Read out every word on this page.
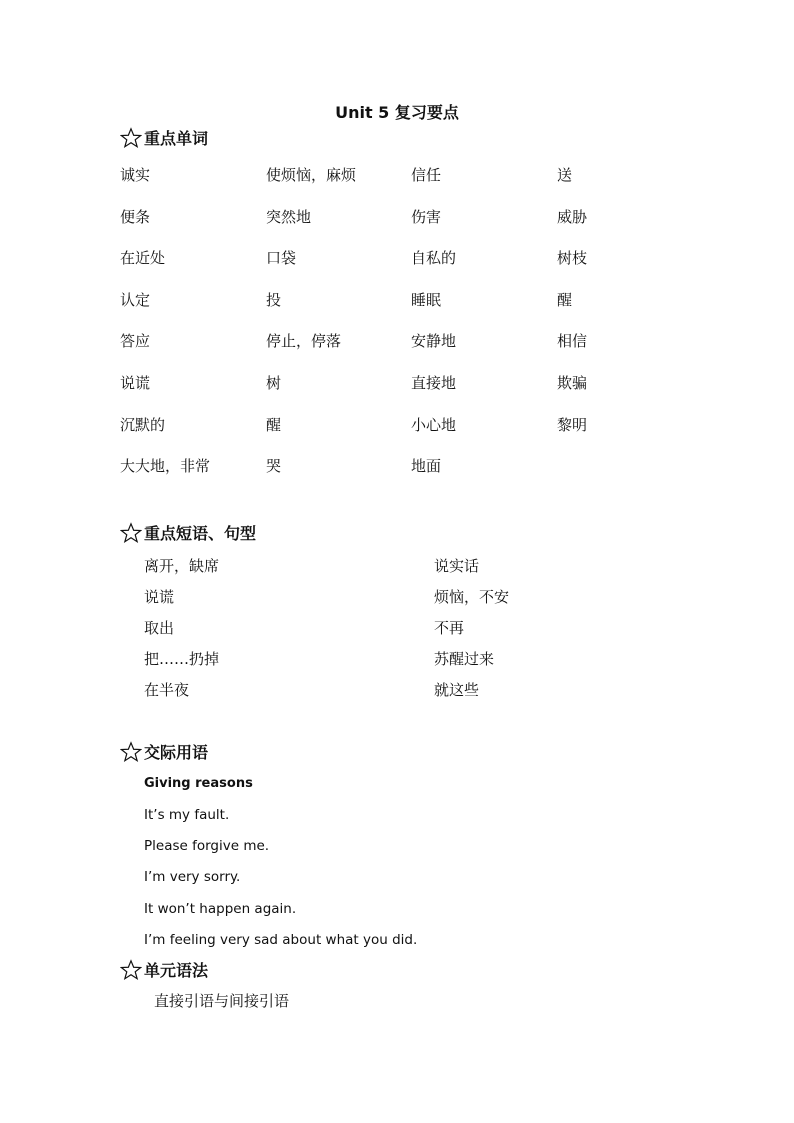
Unit 5 复习要点
重点单词
诚实	使烦恼，麻烦	信任	送
便条	突然地	伤害	威胁
在近处	口袋	自私的	树枝
认定	投	睡眠	醒
答应	停止，停落	安静地	相信
说谎	树	直接地	欺骗
沉默的	醒	小心地	黎明
大大地，非常	哭	地面
重点短语、句型
离开，缺席	说实话
说谎	烦恼，不安
取出	不再
把……扔掉	苏醒过来
在半夜	就这些
交际用语
Giving reasons
It’s my fault.
Please forgive me.
I’m very sorry.
It won’t happen again.
I’m feeling very sad about what you did.
单元语法
直接引语与间接引语
